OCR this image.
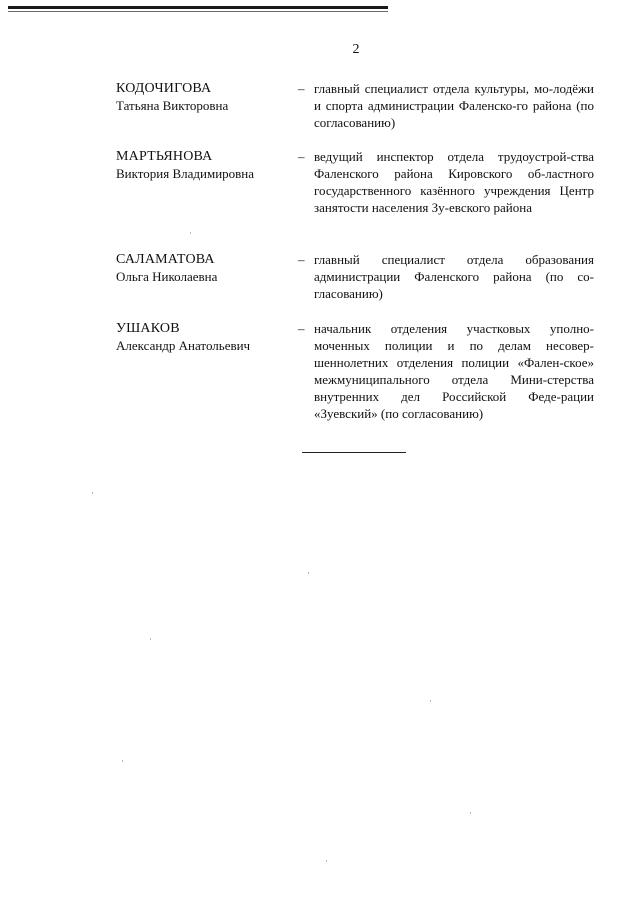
2
КОДОЧИГОВА
Татьяна Викторовна
– главный специалист отдела культуры, мо-лодёжи и спорта администрации Фаленско-го района (по согласованию)
МАРТЬЯНОВА
Виктория Владимировна
– ведущий инспектор отдела трудоустрой-ства Фаленского района Кировского об-ластного государственного казённого учреждения Центр занятости населения Зу-евского района
САЛАМАТОВА
Ольга Николаевна
– главный специалист отдела образования администрации Фаленского района (по со-гласованию)
УШАКОВ
Александр Анатольевич
– начальник отделения участковых уполно-моченных полиции и по делам несовер-шеннолетних отделения полиции «Фален-ское» межмуниципального отдела Мини-стерства внутренних дел Российской Феде-рации «Зуевский» (по согласованию)
